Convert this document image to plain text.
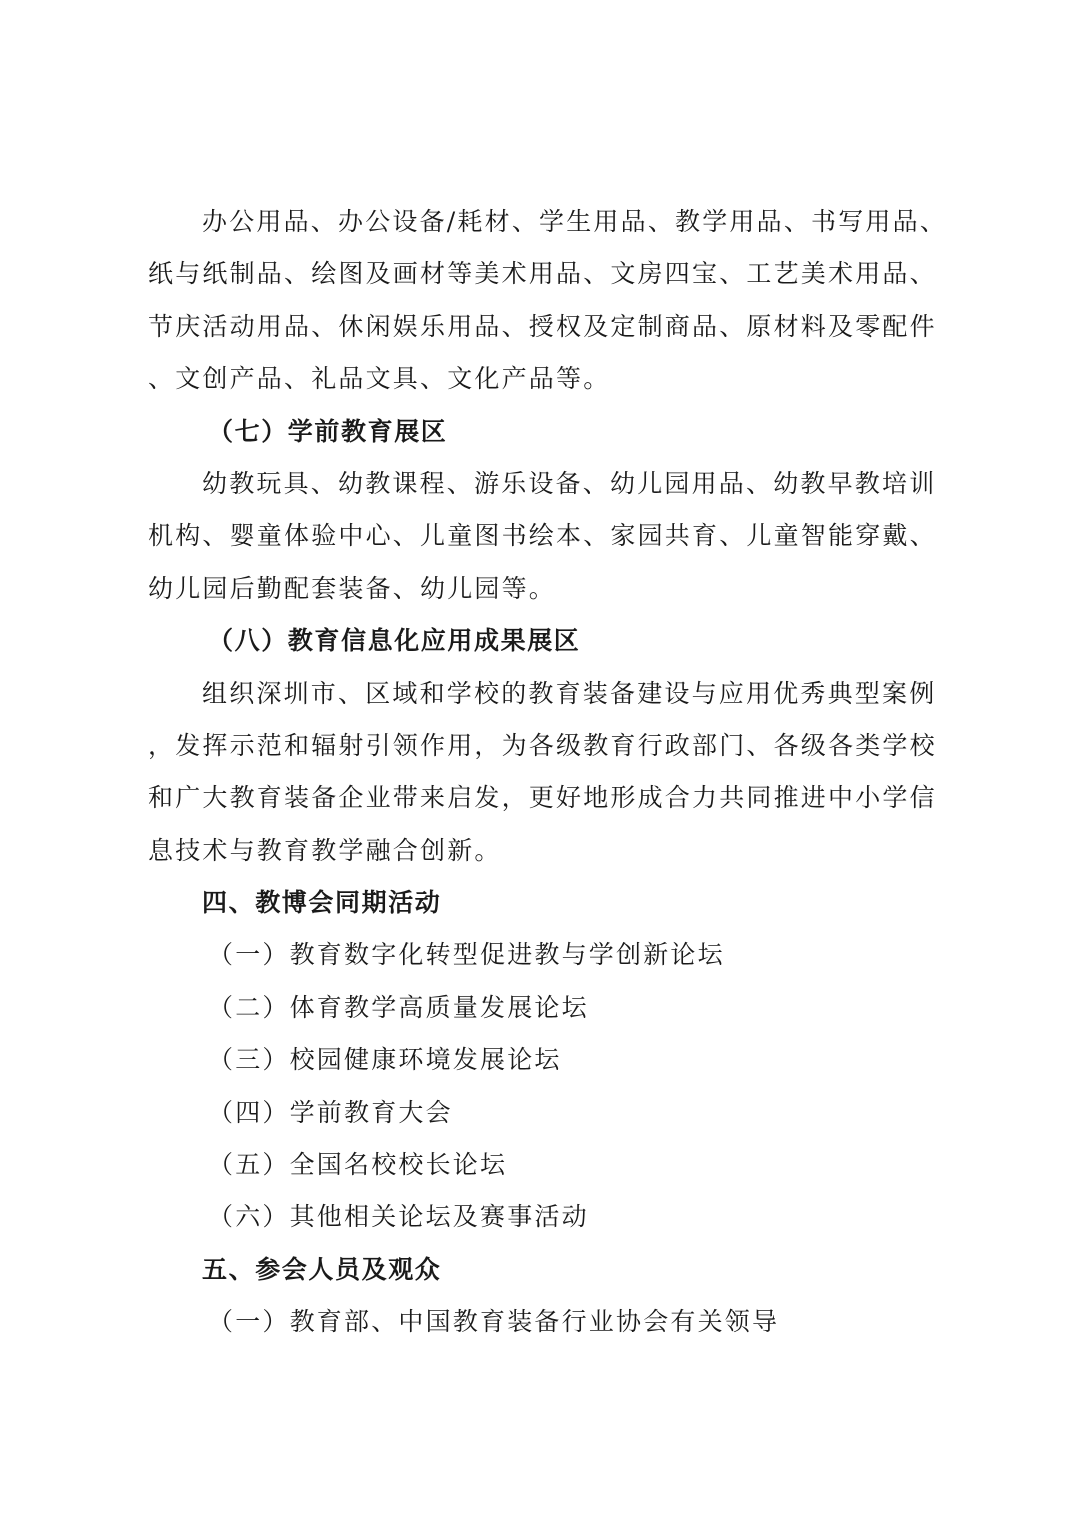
办公用品、办公设备/耗材、学生用品、教学用品、书写用品、
纸与纸制品、绘图及画材等美术用品、文房四宝、工艺美术用品、
节庆活动用品、休闲娱乐用品、授权及定制商品、原材料及零配件
、文创产品、礼品文具、文化产品等。
（七）学前教育展区
幼教玩具、幼教课程、游乐设备、幼儿园用品、幼教早教培训
机构、婴童体验中心、儿童图书绘本、家园共育、儿童智能穿戴、
幼儿园后勤配套装备、幼儿园等。
（八）教育信息化应用成果展区
组织深圳市、区域和学校的教育装备建设与应用优秀典型案例
，发挥示范和辐射引领作用，为各级教育行政部门、各级各类学校
和广大教育装备企业带来启发，更好地形成合力共同推进中小学信
息技术与教育教学融合创新。
四、教博会同期活动
（一）教育数字化转型促进教与学创新论坛
（二）体育教学高质量发展论坛
（三）校园健康环境发展论坛
（四）学前教育大会
（五）全国名校校长论坛
（六）其他相关论坛及赛事活动
五、参会人员及观众
（一）教育部、中国教育装备行业协会有关领导
